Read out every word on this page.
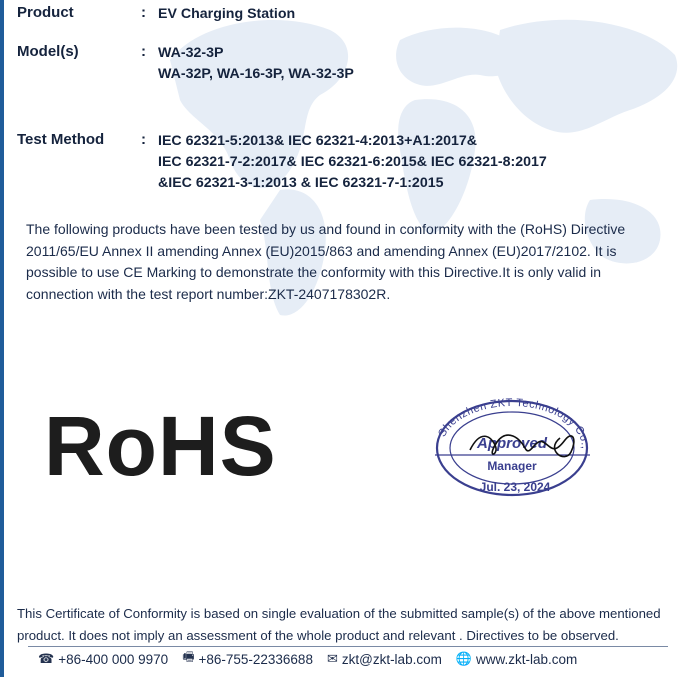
Product	: EV Charging Station
Model(s)	: WA-32-3P
WA-32P, WA-16-3P, WA-32-3P
Test Method : IEC 62321-5:2013& IEC 62321-4:2013+A1:2017&
IEC 62321-7-2:2017& IEC 62321-6:2015& IEC 62321-8:2017
&IEC 62321-3-1:2013 & IEC 62321-7-1:2015
The following products have been tested by us and found in conformity with the (RoHS) Directive 2011/65/EU Annex II amending Annex (EU)2015/863 and amending Annex (EU)2017/2102. It is possible to use CE Marking to demonstrate the conformity with this Directive.It is only valid in connection with the test report number:ZKT-2407178302R.
RoHS	Shenzhen ZKT Technology Co.,
Approved
Manager
Jul. 23, 2024
This Certificate of Conformity is based on single evaluation of the submitted sample(s) of the above mentioned product. It does not imply an assessment of the whole product and relevant . Directives to be observed.
☎ +86-400 000 9970 🖷 +86-755-22336688 ✉ zkt@zkt-lab.com 🌐 www.zkt-lab.com
